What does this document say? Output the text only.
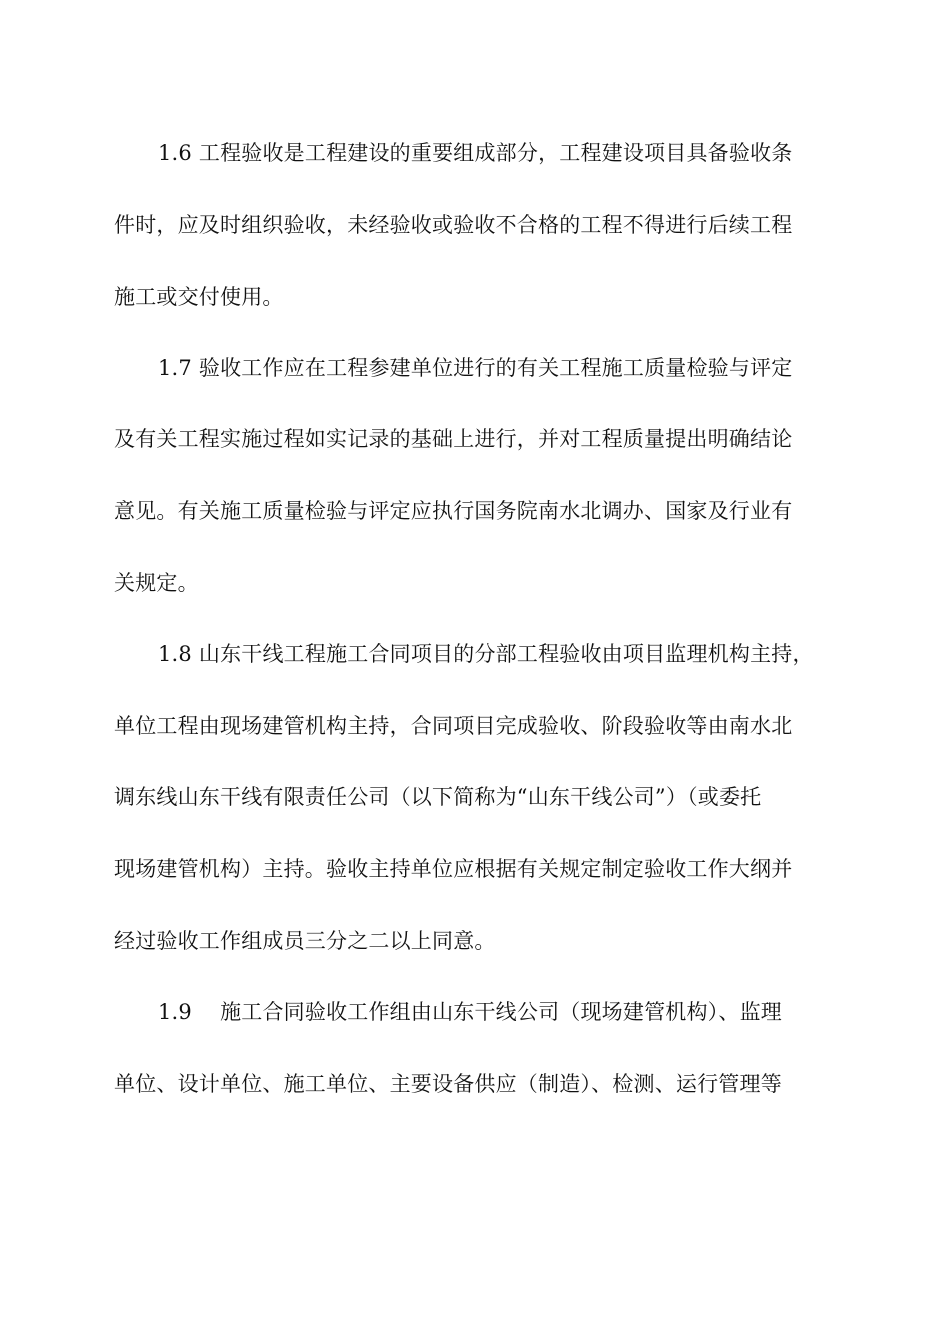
1.6 工程验收是工程建设的重要组成部分，工程建设项目具备验收条
件时，应及时组织验收，未经验收或验收不合格的工程不得进行后续工程
施工或交付使用。
1.7 验收工作应在工程参建单位进行的有关工程施工质量检验与评定
及有关工程实施过程如实记录的基础上进行，并对工程质量提出明确结论
意见。有关施工质量检验与评定应执行国务院南水北调办、国家及行业有
关规定。
1.8 山东干线工程施工合同项目的分部工程验收由项目监理机构主持，
单位工程由现场建管机构主持，合同项目完成验收、阶段验收等由南水北
调东线山东干线有限责任公司（以下简称为“山东干线公司”）（或委托
现场建管机构）主持。验收主持单位应根据有关规定制定验收工作大纲并
经过验收工作组成员三分之二以上同意。
1.9　 施工合同验收工作组由山东干线公司（现场建管机构）、监理
单位、设计单位、施工单位、主要设备供应（制造）、检测、运行管理等
